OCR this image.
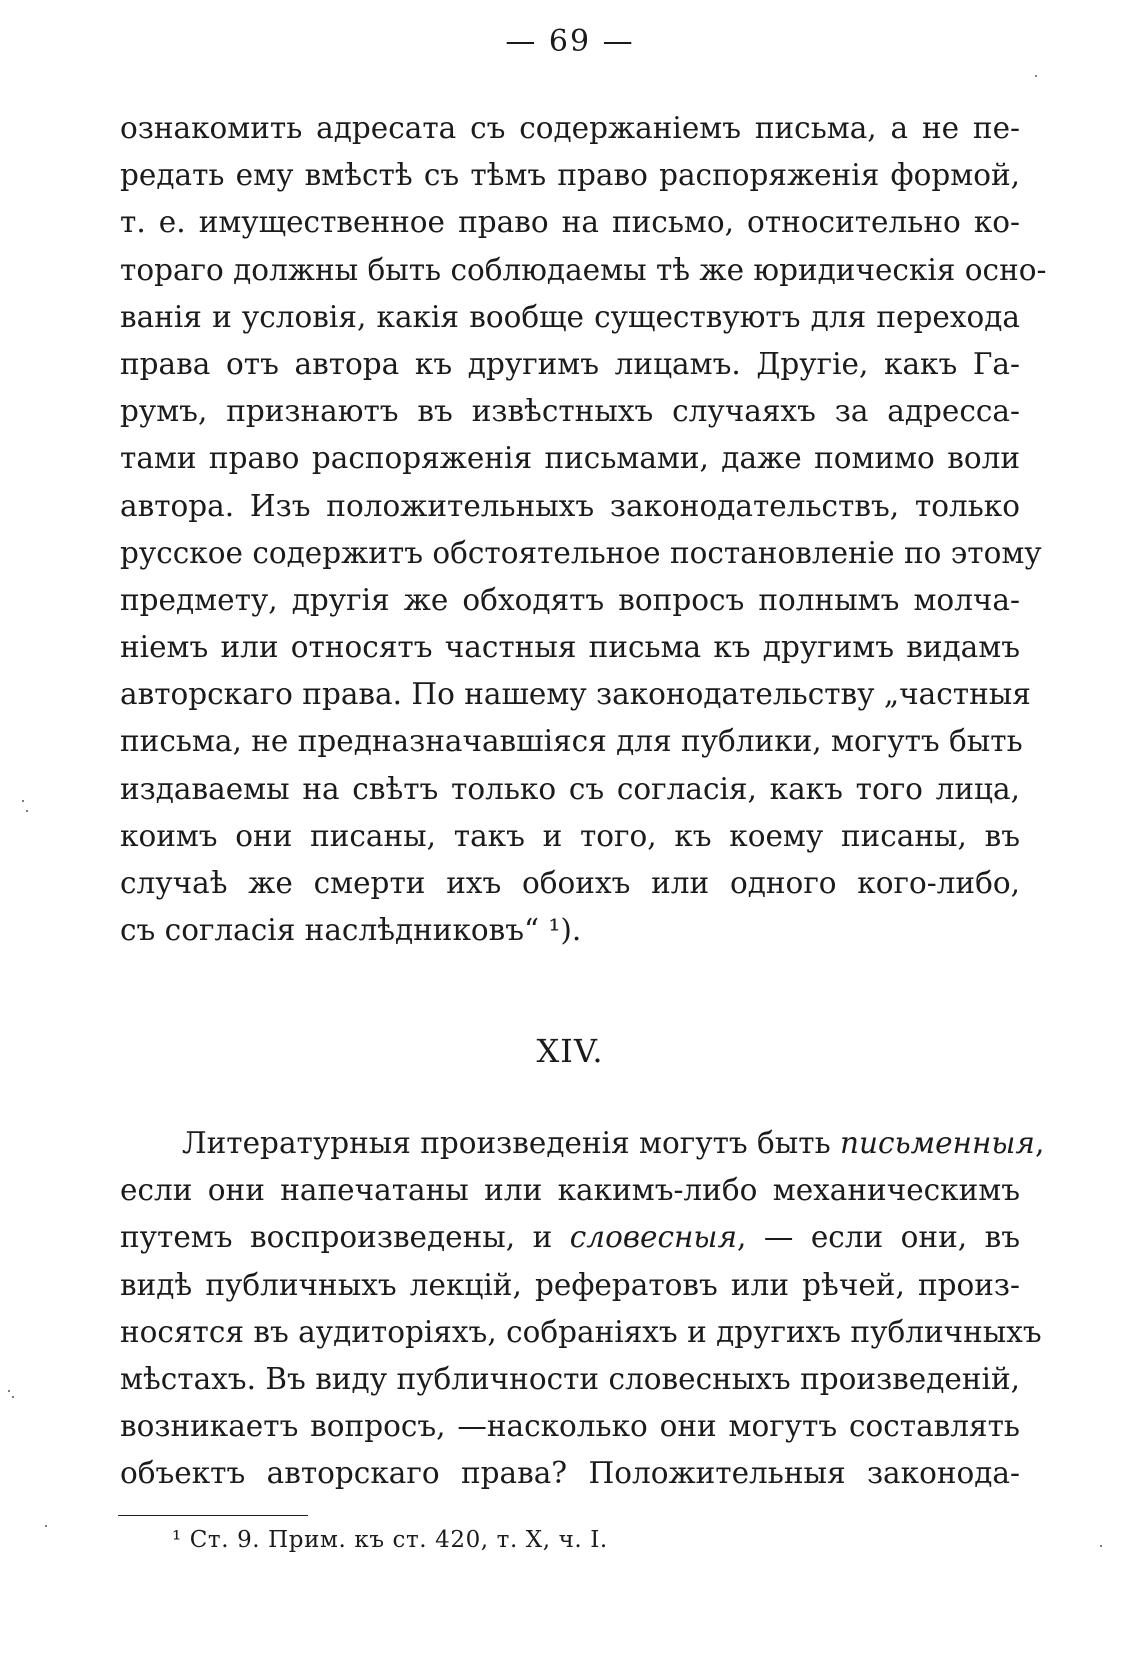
— 69 —
ознакомить адресата съ содержаніемъ письма, а не пе-
редать ему вмѣстѣ съ тѣмъ право распоряженія формой,
т. е. имущественное право на письмо, относительно ко-
тораго должны быть соблюдаемы тѣ же юридическія осно-
ванія и условія, какія вообще существуютъ для перехода
права отъ автора къ другимъ лицамъ. Другіе, какъ Га-
румъ, признаютъ въ извѣстныхъ случаяхъ за адресса-
тами право распоряженія письмами, даже помимо воли
автора. Изъ положительныхъ законодательствъ, только
русское содержитъ обстоятельное постановленіе по этому
предмету, другія же обходятъ вопросъ полнымъ молча-
ніемъ или относятъ частныя письма къ другимъ видамъ
авторскаго права. По нашему законодательству „частныя
письма, не предназначавшіяся для публики, могутъ быть
издаваемы на свѣтъ только съ согласія, какъ того лица,
коимъ они писаны, такъ и того, къ коему писаны, въ
случаѣ же смерти ихъ обоихъ или одного кого-либо,
съ согласія наслѣдниковъ“ ¹).
XIV.
Литературныя произведенія могутъ быть письменныя,
если они напечатаны или какимъ-либо механическимъ
путемъ воспроизведены, и словесныя, — если они, въ
видѣ публичныхъ лекцій, рефератовъ или рѣчей, произ-
носятся въ аудиторіяхъ, собраніяхъ и другихъ публичныхъ
мѣстахъ. Въ виду публичности словесныхъ произведеній,
возникаетъ вопросъ, —насколько они могутъ составлять
объектъ авторскаго права? Положительныя законода-
¹ Ст. 9. Прим. къ ст. 420, т. X, ч. I.
